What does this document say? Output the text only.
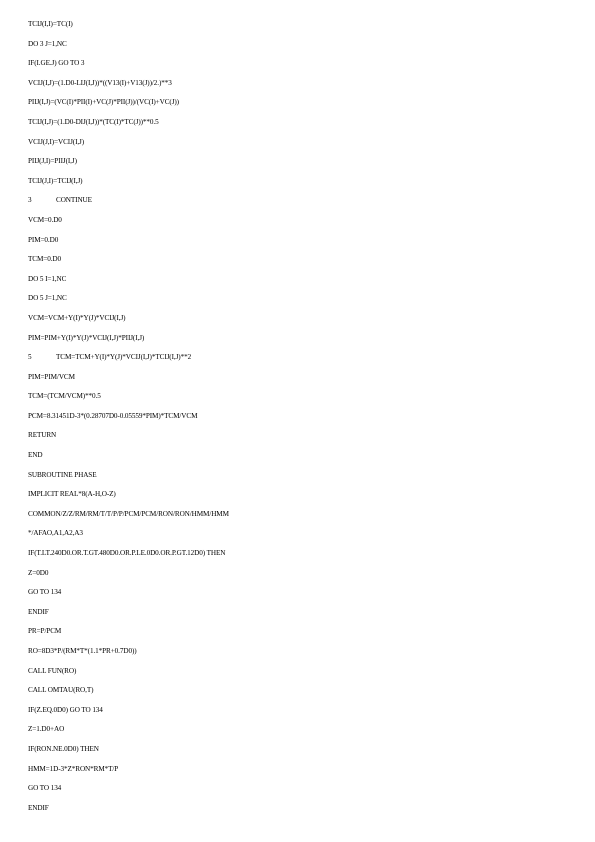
TCIJ(I,I)=TC(I)
DO 3 J=1,NC
IF(I.GE.J) GO TO 3
VCIJ(I,J)=(1.D0-LIJ(I,J))*((V13(I)+V13(J))/2.)**3
PIIJ(I,J)=(VC(I)*PII(I)+VC(J)*PII(J))/(VC(I)+VC(J))
TCIJ(I,J)=(1.D0-DIJ(I,J))*(TC(I)*TC(J))**0.5
VCIJ(J,I)=VCIJ(I,J)
PIIJ(J,I)=PIIJ(I,J)
TCIJ(J,I)=TCIJ(I,J)
3	CONTINUE
VCM=0.D0
PIM=0.D0
TCM=0.D0
DO 5 I=1,NC
DO 5 J=1,NC
VCM=VCM+Y(I)*Y(J)*VCIJ(I,J)
PIM=PIM+Y(I)*Y(J)*VCIJ(I,J)*PIIJ(I,J)
5	TCM=TCM+Y(I)*Y(J)*VCIJ(I,J)*TCIJ(I,J)**2
PIM=PIM/VCM
TCM=(TCM/VCM)**0.5
PCM=8.31451D-3*(0.28707D0-0.05559*PIM)*TCM/VCM
RETURN
END
SUBROUTINE PHASE
IMPLICIT REAL*8(A-H,O-Z)
COMMON/Z/Z/RM/RM/T/T/P/P/PCM/PCM/RON/RON/HMM/HMM
*/AFAO,A1,A2,A3
IF(T.LT.240D0.OR.T.GT.480D0.OR.P.LE.0D0.OR.P.GT.12D0) THEN
Z=0D0
GO TO 134
ENDIF
PR=P/PCM
RO=8D3*P/(RM*T*(1.1*PR+0.7D0))
CALL FUN(RO)
CALL OMTAU(RO,T)
IF(Z.EQ.0D0) GO TO 134
Z=1.D0+AO
IF(RON.NE.0D0) THEN
HMM=1D-3*Z*RON*RM*T/P
GO TO 134
ENDIF
